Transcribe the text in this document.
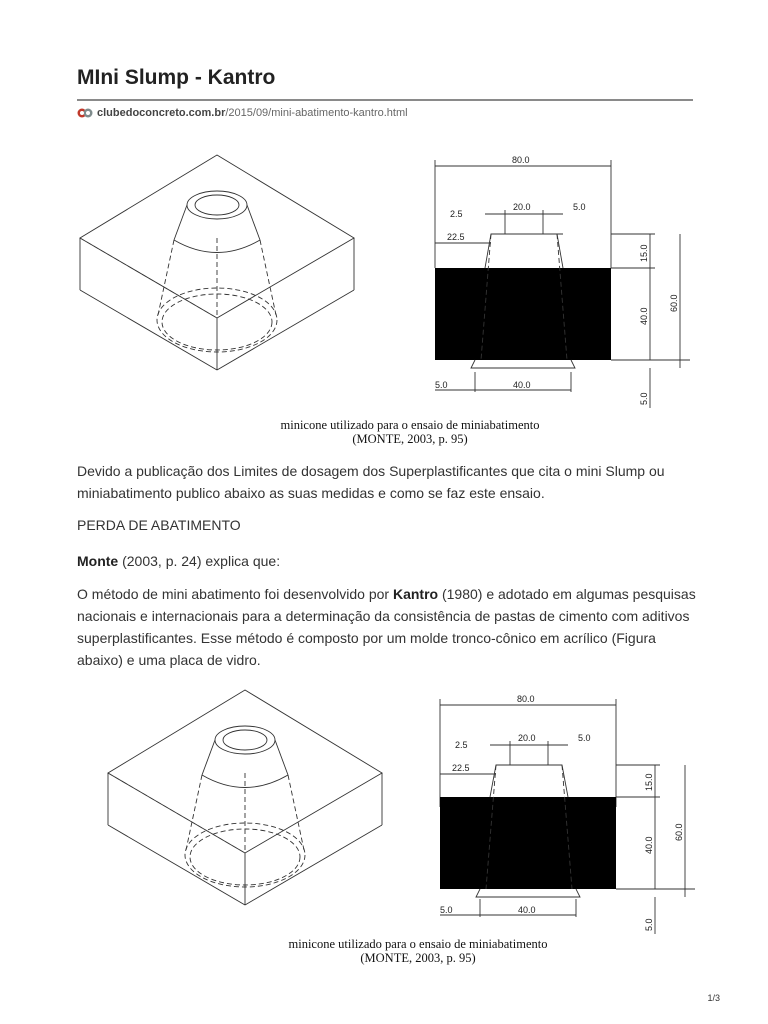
MIni Slump - Kantro
clubedoconcreto.com.br/2015/09/mini-abatimento-kantro.html
80.0
20.0
2.5
5.0
22.5
15.0
40.0
60.0
5.0
40.0
5.0
minicone utilizado para o ensaio de miniabatimento
(MONTE, 2003, p. 95)

Devido a publicação dos Limites de dosagem dos Superplastificantes que cita o mini Slump ou miniabatimento publico abaixo as suas medidas e como se faz este ensaio.

PERDA DE ABATIMENTO

Monte (2003, p. 24) explica que:

O método de mini abatimento foi desenvolvido por Kantro (1980) e adotado em algumas pesquisas nacionais e internacionais para a determinação da consistência de pastas de cimento com aditivos superplastificantes. Esse método é composto por um molde tronco-cônico em acrílico (Figura abaixo) e uma placa de vidro.

80.0
20.0
2.5
5.0
22.5
15.0
40.0
60.0
5.0
40.0
5.0
minicone utilizado para o ensaio de miniabatimento
(MONTE, 2003, p. 95)
1/3
